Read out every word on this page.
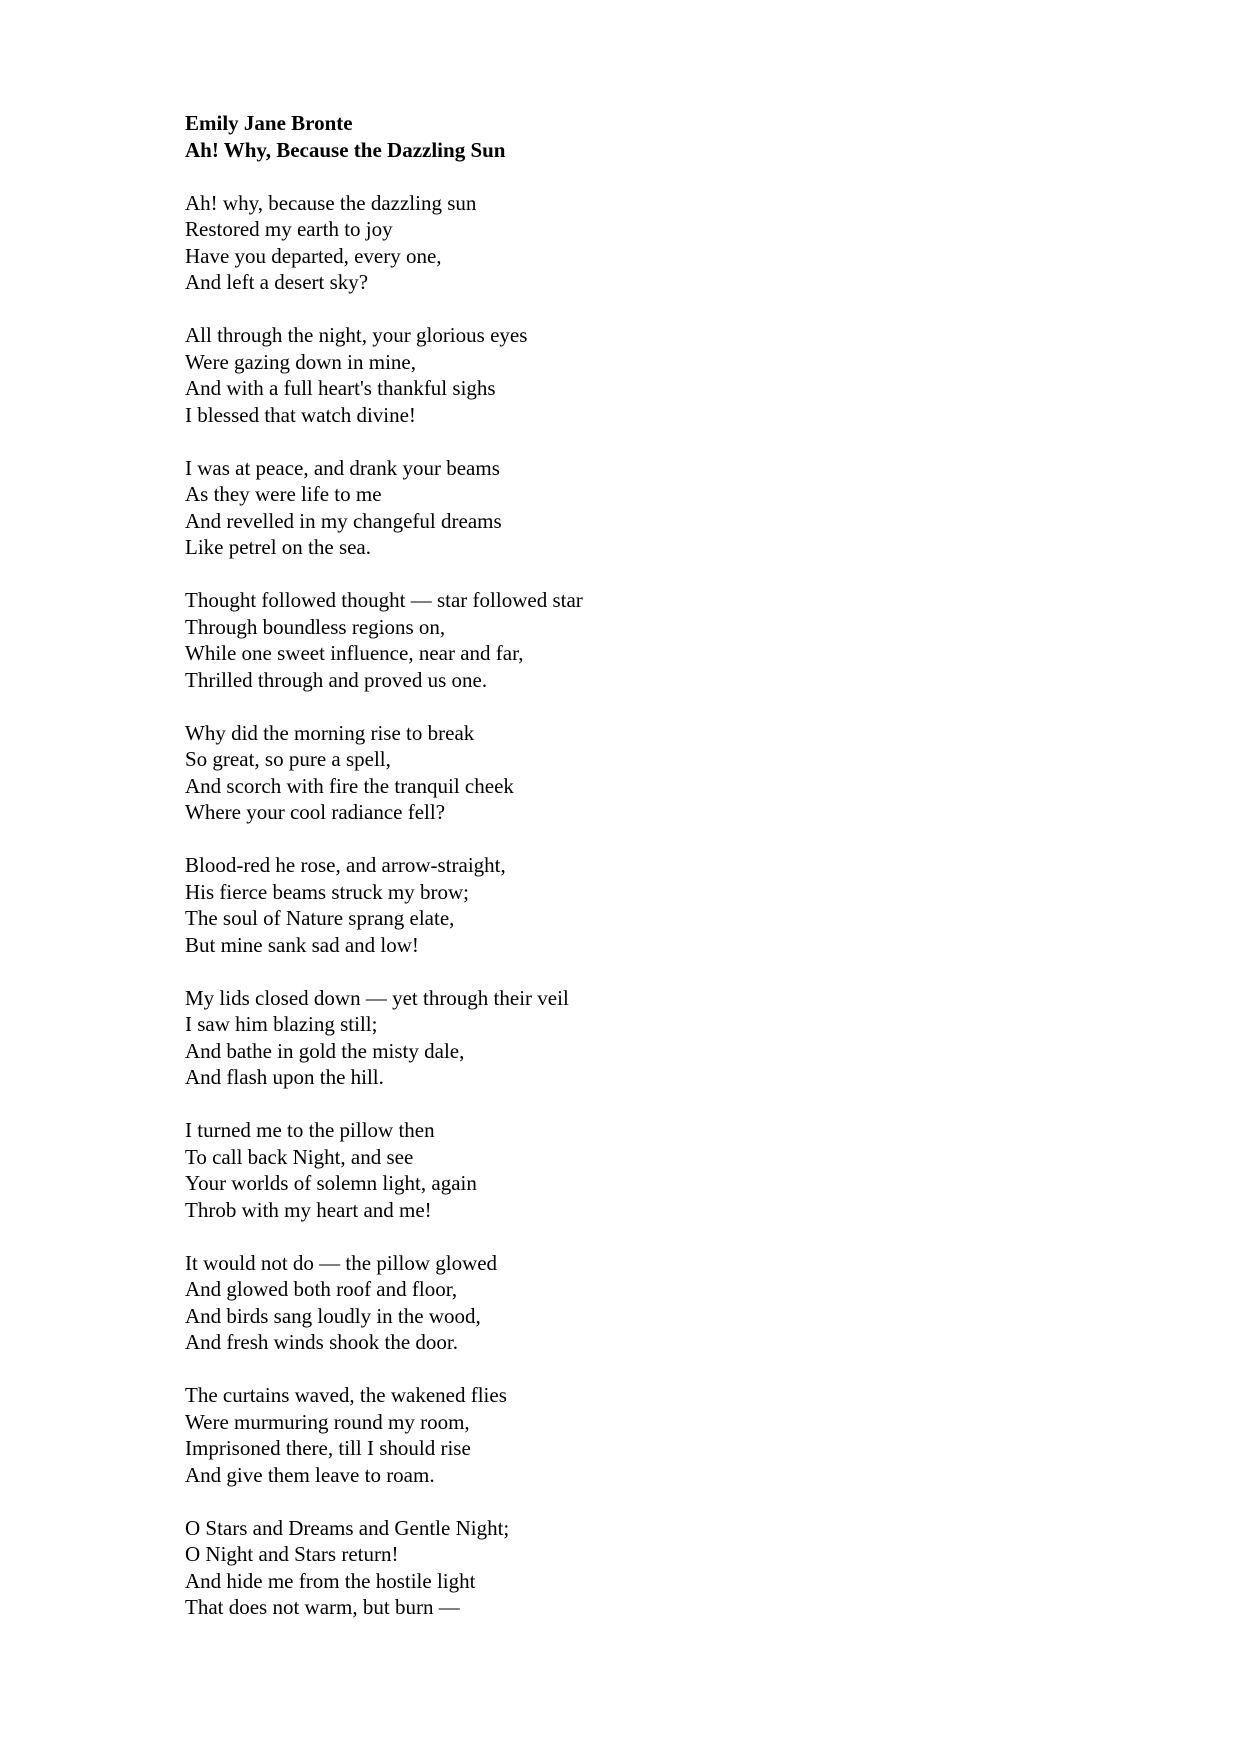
Emily Jane Bronte
Ah! Why, Because the Dazzling Sun
Ah! why, because the dazzling sun
Restored my earth to joy
Have you departed, every one,
And left a desert sky?
All through the night, your glorious eyes
Were gazing down in mine,
And with a full heart's thankful sighs
I blessed that watch divine!
I was at peace, and drank your beams
As they were life to me
And revelled in my changeful dreams
Like petrel on the sea.
Thought followed thought — star followed star
Through boundless regions on,
While one sweet influence, near and far,
Thrilled through and proved us one.
Why did the morning rise to break
So great, so pure a spell,
And scorch with fire the tranquil cheek
Where your cool radiance fell?
Blood-red he rose, and arrow-straight,
His fierce beams struck my brow;
The soul of Nature sprang elate,
But mine sank sad and low!
My lids closed down — yet through their veil
I saw him blazing still;
And bathe in gold the misty dale,
And flash upon the hill.
I turned me to the pillow then
To call back Night, and see
Your worlds of solemn light, again
Throb with my heart and me!
It would not do — the pillow glowed
And glowed both roof and floor,
And birds sang loudly in the wood,
And fresh winds shook the door.
The curtains waved, the wakened flies
Were murmuring round my room,
Imprisoned there, till I should rise
And give them leave to roam.
O Stars and Dreams and Gentle Night;
O Night and Stars return!
And hide me from the hostile light
That does not warm, but burn —
